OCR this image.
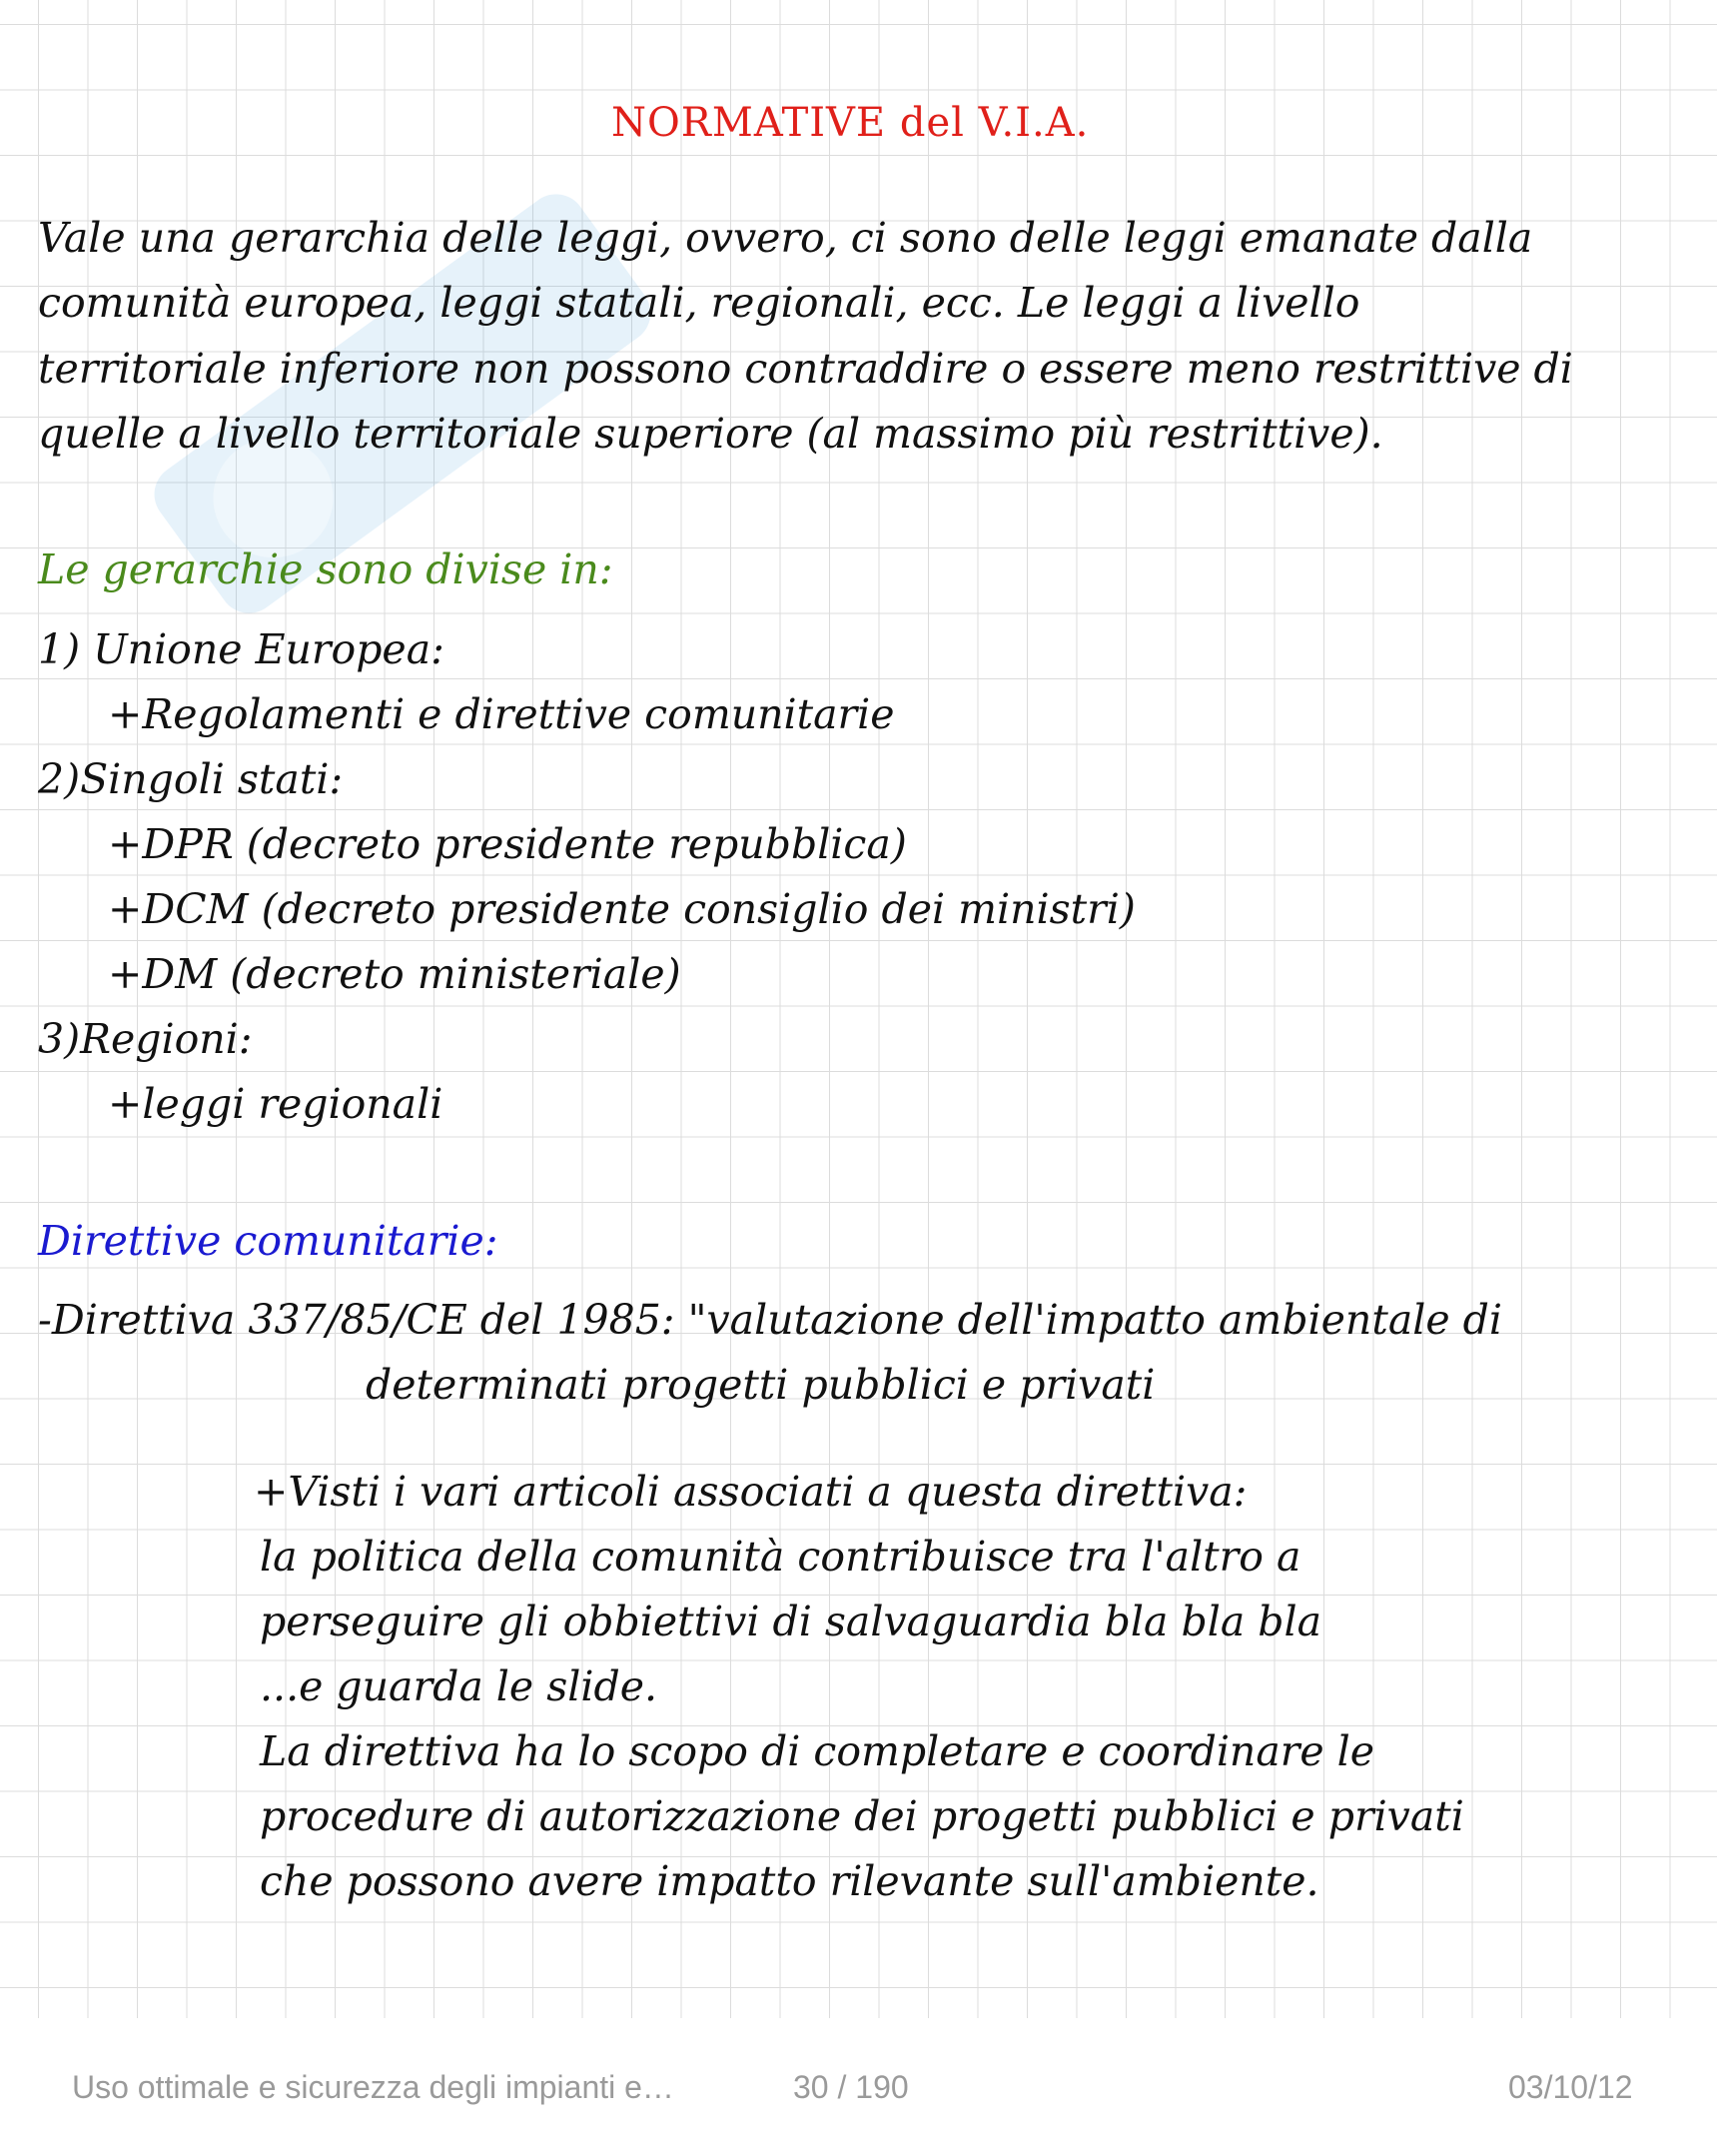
NORMATIVE del V.I.A.
Vale una gerarchia delle leggi, ovvero, ci sono delle leggi emanate dalla
comunità europea, leggi statali, regionali, ecc. Le leggi a livello
territoriale inferiore non possono contraddire o essere meno restrittive di
quelle a livello territoriale superiore (al massimo più restrittive).
Le gerarchie sono divise in:
1) Unione Europea:
+Regolamenti e direttive comunitarie
2)Singoli stati:
+DPR (decreto presidente repubblica)
+DCM (decreto presidente consiglio dei ministri)
+DM (decreto ministeriale)
3)Regioni:
+leggi regionali
Direttive comunitarie:
-Direttiva 337/85/CE del 1985: "valutazione dell'impatto ambientale di
determinati progetti pubblici e privati
+Visti i vari articoli associati a questa direttiva:
la politica della comunità contribuisce tra l'altro a
perseguire gli obbiettivi di salvaguardia bla bla bla
...e guarda le slide.
La direttiva ha lo scopo di completare e coordinare le
procedure di autorizzazione dei progetti pubblici e privati
che possono avere impatto rilevante sull'ambiente.
Uso ottimale e sicurezza degli impianti e…	30 / 190	03/10/12
